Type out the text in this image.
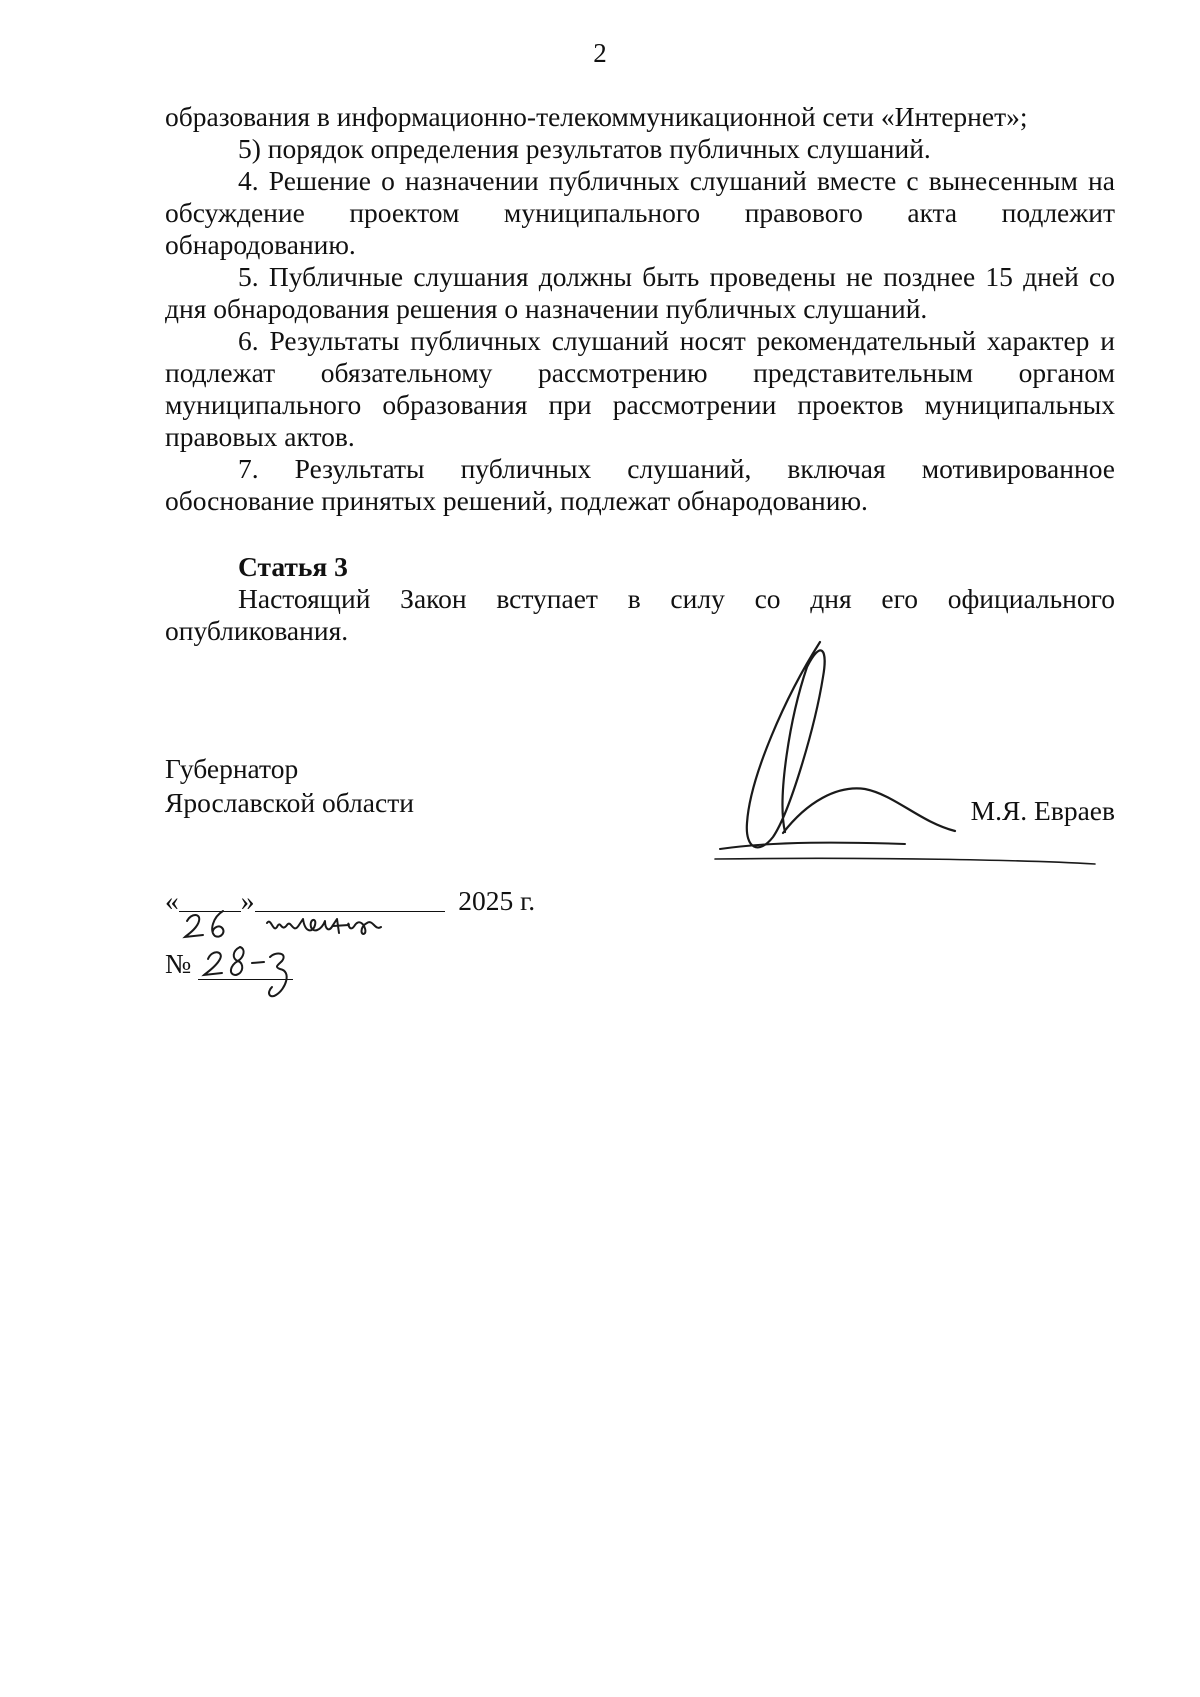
2

образования в информационно-телекоммуникационной сети «Интернет»;

5) порядок определения результатов публичных слушаний.

4. Решение о назначении публичных слушаний вместе с вынесенным на обсуждение проектом муниципального правового акта подлежит обнародованию.

5. Публичные слушания должны быть проведены не позднее 15 дней со дня обнародования решения о назначении публичных слушаний.

6. Результаты публичных слушаний носят рекомендательный характер и подлежат обязательному рассмотрению представительным органом муниципального образования при рассмотрении проектов муниципальных правовых актов.

7. Результаты публичных слушаний, включая мотивированное обоснование принятых решений, подлежат обнародованию.

Статья 3

Настоящий Закон вступает в силу со дня его официального опубликования.

Губернатор
Ярославской области	М.Я. Евраев
« »	2025 г.
№
